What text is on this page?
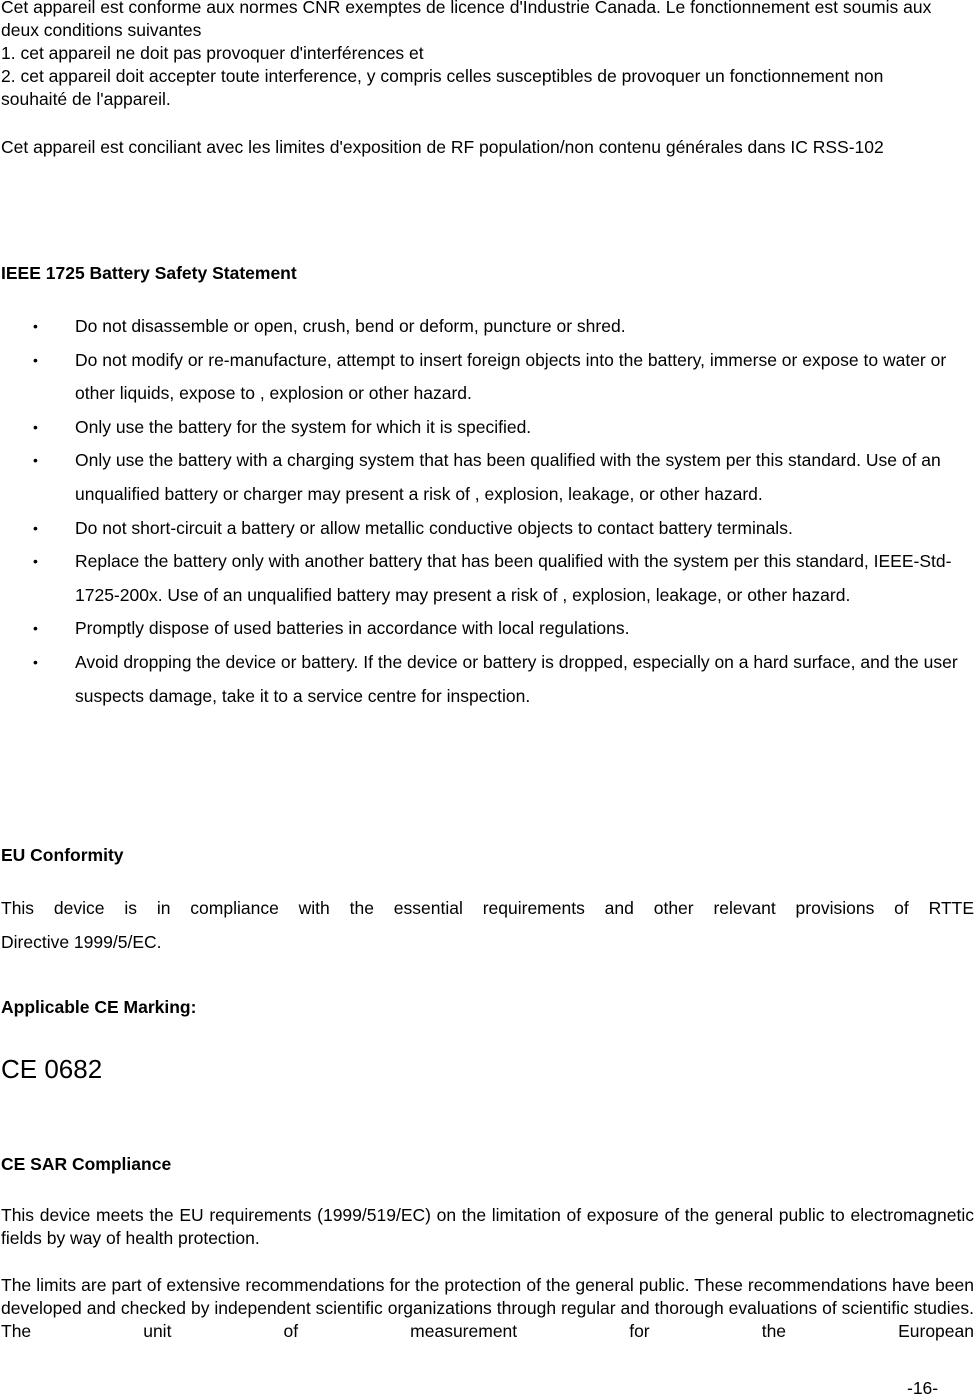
Cet appareil est conforme aux normes CNR exemptes de licence d'Industrie Canada. Le fonctionnement est soumis aux deux conditions suivantes

1. cet appareil ne doit pas provoquer d'interférences et

2. cet appareil doit accepter toute interference, y compris celles susceptibles de provoquer un fonctionnement non souhaité de l'appareil.

Cet appareil est conciliant avec les limites d'exposition de RF population/non contenu générales dans IC RSS-102

IEEE 1725 Battery Safety Statement

• Do not disassemble or open, crush, bend or deform, puncture or shred.
• Do not modify or re-manufacture, attempt to insert foreign objects into the battery, immerse or expose to water or other liquids, expose to , explosion or other hazard.
• Only use the battery for the system for which it is specified.
• Only use the battery with a charging system that has been qualified with the system per this standard. Use of an unqualified battery or charger may present a risk of , explosion, leakage, or other hazard.
• Do not short-circuit a battery or allow metallic conductive objects to contact battery terminals.
• Replace the battery only with another battery that has been qualified with the system per this standard, IEEE-Std-1725-200x. Use of an unqualified battery may present a risk of , explosion, leakage, or other hazard.
• Promptly dispose of used batteries in accordance with local regulations.
• Avoid dropping the device or battery. If the device or battery is dropped, especially on a hard surface, and the user suspects damage, take it to a service centre for inspection.

EU Conformity

This device is in compliance with the essential requirements and other relevant provisions of RTTE

Directive 1999/5/EC.

Applicable CE Marking:

CE 0682

CE SAR Compliance

This device meets the EU requirements (1999/519/EC) on the limitation of exposure of the general public to electromagnetic fields by way of health protection.

The limits are part of extensive recommendations for the protection of the general public. These recommendations have been developed and checked by independent scientific organizations through regular and thorough evaluations of scientific studies. The unit of measurement for the European

-16-
